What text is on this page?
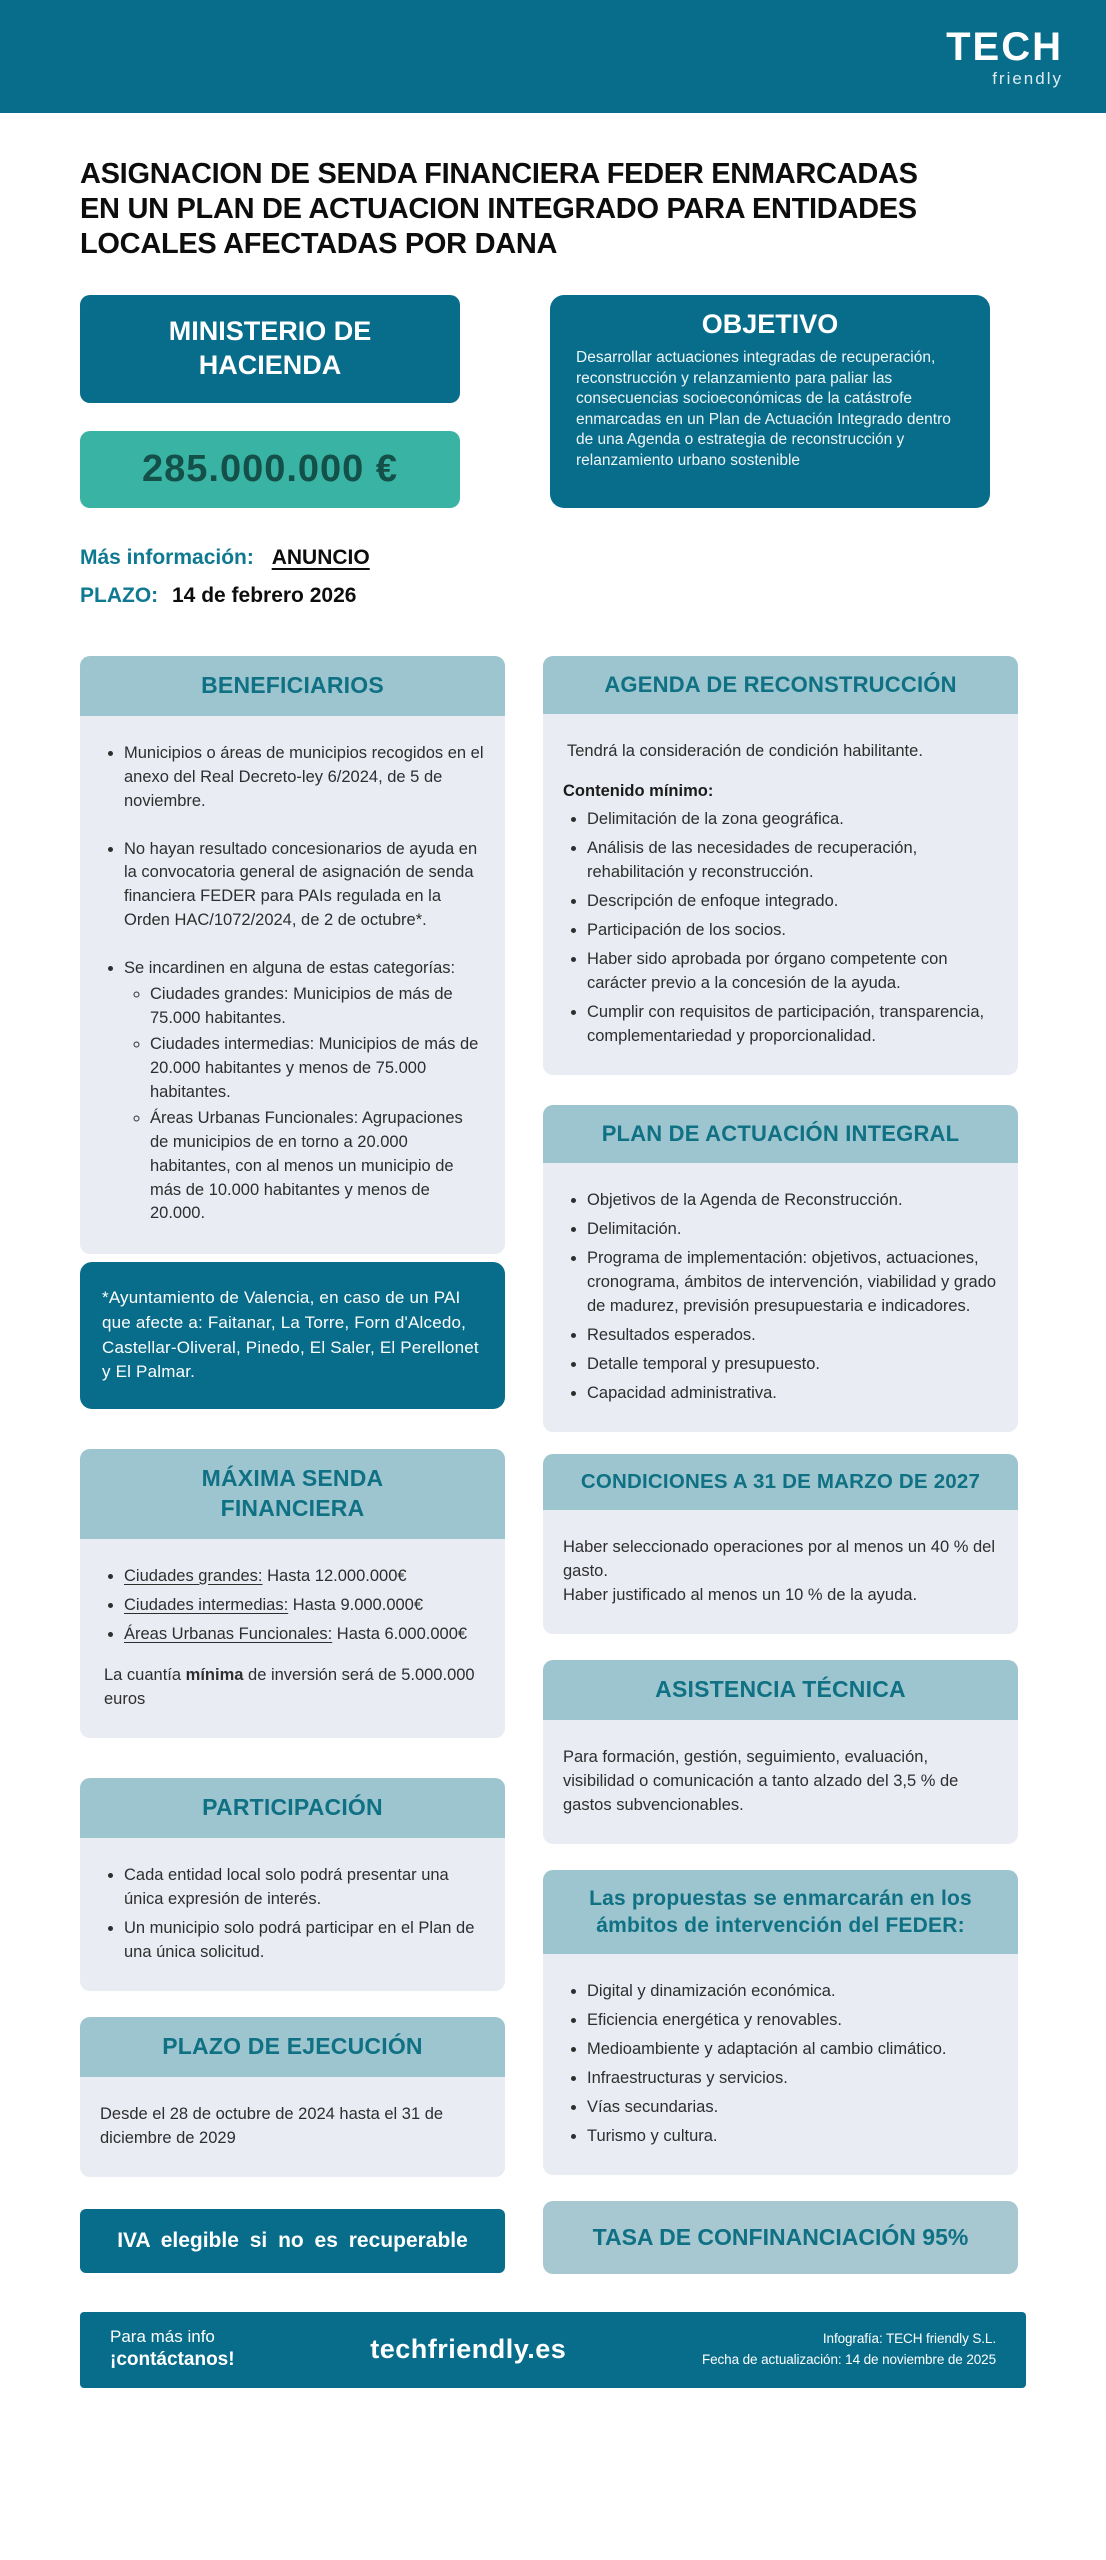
TECH
friendly
ASIGNACION DE SENDA FINANCIERA FEDER ENMARCADAS
EN UN PLAN DE ACTUACION INTEGRADO PARA ENTIDADES
LOCALES AFECTADAS POR DANA
MINISTERIO DE HACIENDA
285.000.000 €
Más información: ANUNCIO
PLAZO: 14 de febrero 2026
OBJETIVO
Desarrollar actuaciones integradas de recuperación, reconstrucción y relanzamiento para paliar las consecuencias socioeconómicas de la catástrofe enmarcadas en un Plan de Actuación Integrado dentro de una Agenda o estrategia de reconstrucción y relanzamiento urbano sostenible
BENEFICIARIOS
• Municipios o áreas de municipios recogidos en el anexo del Real Decreto-ley 6/2024, de 5 de noviembre.
• No hayan resultado concesionarios de ayuda en la convocatoria general de asignación de senda financiera FEDER para PAIs regulada en la Orden HAC/1072/2024, de 2 de octubre*.
• Se incardinen en alguna de estas categorías:
◦ Ciudades grandes: Municipios de más de 75.000 habitantes.
◦ Ciudades intermedias: Municipios de más de 20.000 habitantes y menos de 75.000 habitantes.
◦ Áreas Urbanas Funcionales: Agrupaciones de municipios de en torno a 20.000 habitantes, con al menos un municipio de más de 10.000 habitantes y menos de 20.000.
*Ayuntamiento de Valencia, en caso de un PAI que afecte a: Faitanar, La Torre, Forn d'Alcedo, Castellar-Oliveral, Pinedo, El Saler, El Perellonet y El Palmar.
MÁXIMA SENDA
FINANCIERA
• Ciudades grandes: Hasta 12.000.000€
• Ciudades intermedias: Hasta 9.000.000€
• Áreas Urbanas Funcionales: Hasta 6.000.000€

La cuantía mínima de inversión será de 5.000.000 euros

PARTICIPACIÓN
• Cada entidad local solo podrá presentar una única expresión de interés.
• Un municipio solo podrá participar en el Plan de una única solicitud.
PLAZO DE EJECUCIÓN

Desde el 28 de octubre de 2024 hasta el 31 de diciembre de 2029

IVA elegible si no es recuperable
AGENDA DE RECONSTRUCCIÓN

Tendrá la consideración de condición habilitante.

Contenido mínimo:

• Delimitación de la zona geográfica.
• Análisis de las necesidades de recuperación, rehabilitación y reconstrucción.
• Descripción de enfoque integrado.
• Participación de los socios.
• Haber sido aprobada por órgano competente con carácter previo a la concesión de la ayuda.
• Cumplir con requisitos de participación, transparencia, complementariedad y proporcionalidad.
PLAN DE ACTUACIÓN INTEGRAL
• Objetivos de la Agenda de Reconstrucción.
• Delimitación.
• Programa de implementación: objetivos, actuaciones, cronograma, ámbitos de intervención, viabilidad y grado de madurez, previsión presupuestaria e indicadores.
• Resultados esperados.
• Detalle temporal y presupuesto.
• Capacidad administrativa.
CONDICIONES A 31 DE MARZO DE 2027

Haber seleccionado operaciones por al menos un 40 % del gasto.

Haber justificado al menos un 10 % de la ayuda.

ASISTENCIA TÉCNICA

Para formación, gestión, seguimiento, evaluación, visibilidad o comunicación a tanto alzado del 3,5 % de gastos subvencionables.

Las propuestas se enmarcarán en los ámbitos de intervención del FEDER:
• Digital y dinamización económica.
• Eficiencia energética y renovables.
• Medioambiente y adaptación al cambio climático.
• Infraestructuras y servicios.
• Vías secundarias.
• Turismo y cultura.
TASA DE CONFINANCIACIÓN 95%
Para más info
¡contáctanos!	techfriendly.es	Infografía: TECH friendly S.L.
Fecha de actualización: 14 de noviembre de 2025
